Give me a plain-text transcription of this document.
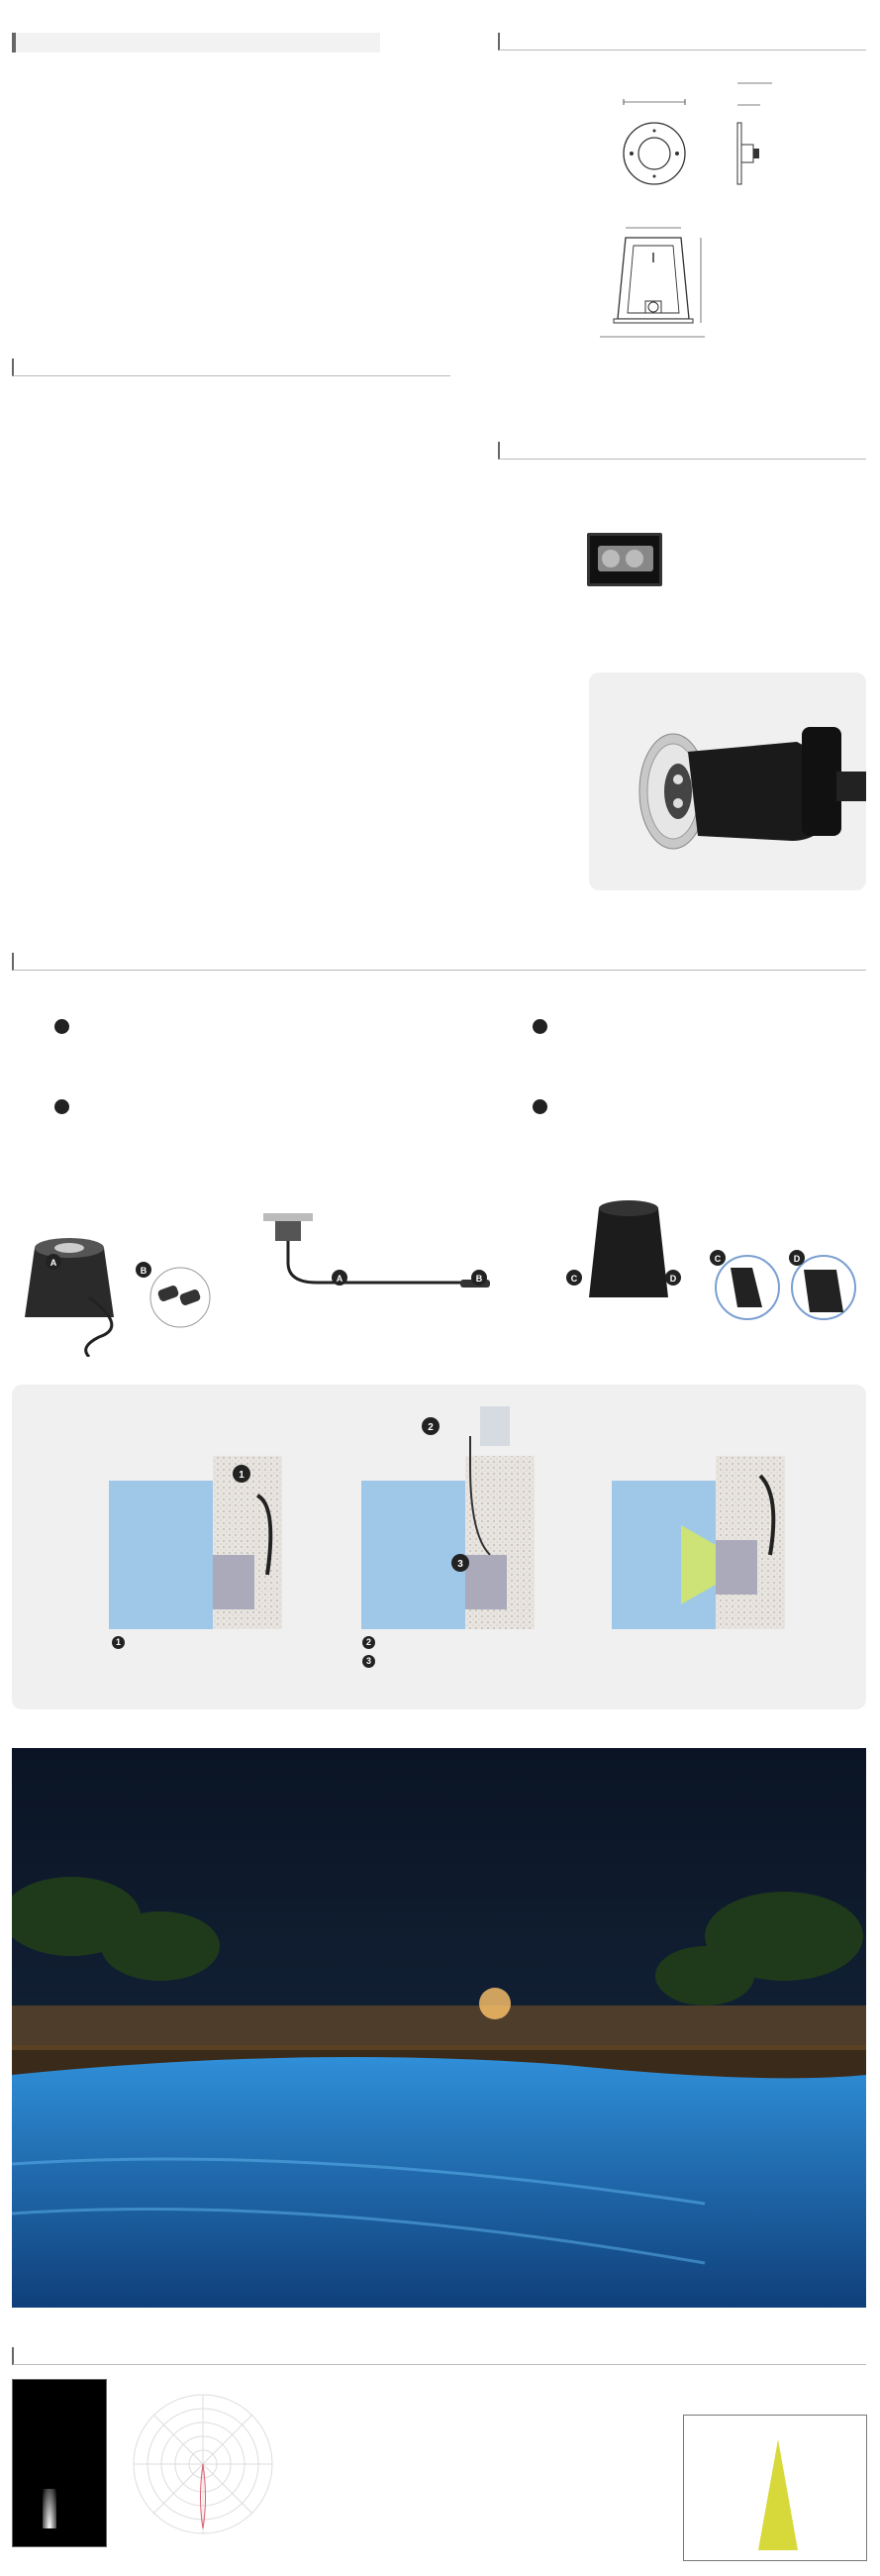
A
B
A	B	C	D
C	D
1
1
2
3
2
3
